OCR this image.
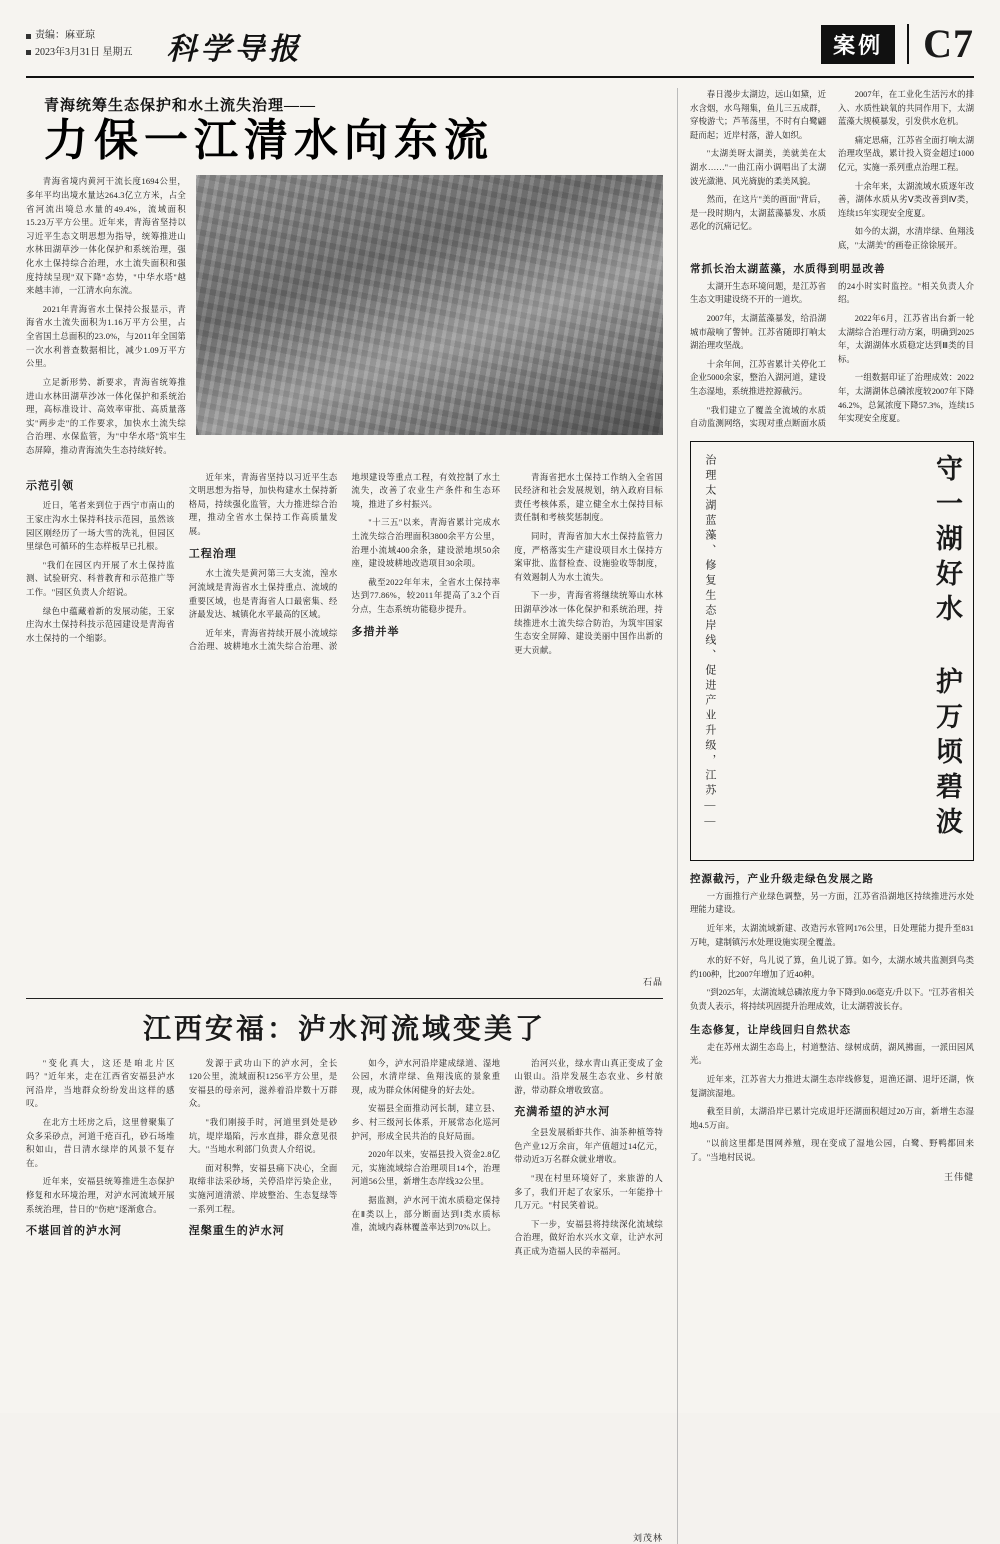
责编：麻亚琼
2023年3月31日 星期五 科学导报	案例	C7
青海统筹生态保护和水土流失治理——
力保一江清水向东流

青海省境内黄河干流长度1694公里，多年平均出境水量达264.3亿立方米，占全省河流出境总水量的49.4%，流域面积15.23万平方公里。近年来，青海省坚持以习近平生态文明思想为指导，统筹推进山水林田湖草沙一体化保护和系统治理，强化水土保持综合治理，水土流失面积和强度持续呈现"双下降"态势，"中华水塔"越来越丰沛，一江清水向东流。

2021年青海省水土保持公报显示，青海省水土流失面积为1.16万平方公里，占全省国土总面积的23.0%，与2011年全国第一次水利普查数据相比，减少1.09万平方公里。

立足新形势、新要求，青海省统筹推进山水林田湖草沙冰一体化保护和系统治理，高标准设计、高效率审批、高质量落实"两步走"的工作要求，加快水土流失综合治理、水保监管，为"中华水塔"筑牢生态屏障，推动青海流失生态持续好转。

示范引领

近日，笔者来到位于西宁市南山的王家庄沟水土保持科技示范园，虽然该园区刚经历了一场大雪的洗礼，但园区里绿色可循环的生态样板早已扎根。

"我们在园区内开展了水土保持监测、试验研究、科普教育和示范推广等工作。"园区负责人介绍说。

绿色中蕴藏着新的发展动能，王家庄沟水土保持科技示范园建设是青海省水土保持的一个缩影。

近年来，青海省坚持以习近平生态文明思想为指导，加快构建水土保持新格局，持续强化监管，大力推进综合治理，推动全省水土保持工作高质量发展。

工程治理

水土流失是黄河第三大支流，湟水河流域是青海省水土保持重点、流域的重要区域，也是青海省人口最密集、经济最发达、城镇化水平最高的区域。

近年来，青海省持续开展小流域综合治理、坡耕地水土流失综合治理、淤地坝建设等重点工程，有效控制了水土流失，改善了农业生产条件和生态环境，推进了乡村振兴。

"十三五"以来，青海省累计完成水土流失综合治理面积3800余平方公里，治理小流域400余条，建设淤地坝50余座，建设坡耕地改造项目30余项。

截至2022年年末，全省水土保持率达到77.86%，较2011年提高了3.2个百分点，生态系统功能稳步提升。

多措并举

青海省把水土保持工作纳入全省国民经济和社会发展规划，纳入政府目标责任考核体系，建立健全水土保持目标责任制和考核奖惩制度。

同时，青海省加大水土保持监管力度，严格落实生产建设项目水土保持方案审批、监督检查、设施验收等制度，有效遏制人为水土流失。

下一步，青海省将继续统筹山水林田湖草沙冰一体化保护和系统治理，持续推进水土流失综合防治，为筑牢国家生态安全屏障、建设美丽中国作出新的更大贡献。

石晶
江西安福：泸水河流域变美了

"变化真大，这还是咱北片区吗？"近年来，走在江西省安福县泸水河沿岸，当地群众纷纷发出这样的感叹。

在北方土坯房之后，这里曾聚集了众多采砂点，河道千疮百孔，砂石场堆积如山，昔日清水绿岸的风景不复存在。

近年来，安福县统筹推进生态保护修复和水环境治理，对泸水河流域开展系统治理，昔日的"伤疤"逐渐愈合。

不堪回首的泸水河

发源于武功山下的泸水河，全长120公里，流域面积1256平方公里，是安福县的母亲河，滋养着沿岸数十万群众。

"我们刚接手时，河道里到处是砂坑，堤岸塌陷，污水直排，群众意见很大。"当地水利部门负责人介绍说。

面对积弊，安福县痛下决心，全面取缔非法采砂场，关停沿岸污染企业，实施河道清淤、岸坡整治、生态复绿等一系列工程。

涅槃重生的泸水河

如今，泸水河沿岸建成绿道、湿地公园，水清岸绿、鱼翔浅底的景象重现，成为群众休闲健身的好去处。

安福县全面推动河长制，建立县、乡、村三级河长体系，开展常态化巡河护河，形成全民共治的良好局面。

2020年以来，安福县投入资金2.8亿元，实施流域综合治理项目14个，治理河道56公里，新增生态岸线32公里。

据监测，泸水河干流水质稳定保持在Ⅱ类以上，部分断面达到Ⅰ类水质标准，流域内森林覆盖率达到70%以上。

治河兴业，绿水青山真正变成了金山银山。沿岸发展生态农业、乡村旅游，带动群众增收致富。

充满希望的泸水河

全县发展稻虾共作、油茶种植等特色产业12万余亩，年产值超过14亿元，带动近3万名群众就业增收。

"现在村里环境好了，来旅游的人多了，我们开起了农家乐，一年能挣十几万元。"村民笑着说。

下一步，安福县将持续深化流域综合治理，做好治水兴水文章，让泸水河真正成为造福人民的幸福河。

刘茂林

春日漫步太湖边，远山如黛，近水含烟，水鸟翔集，鱼儿三五成群，穿梭游弋；芦苇荡里，不时有白鹭翩跹而起；近岸村落，游人如织。

"太湖美呀太湖美，美就美在太湖水……"一曲江南小调唱出了太湖波光潋滟、风光旖旎的柔美风貌。

然而，在这片"美的画面"背后，是一段时期内，太湖蓝藻暴发、水质恶化的沉痛记忆。

2007年，在工业化生活污水的排入、水质性缺氧的共同作用下，太湖蓝藻大规模暴发，引发供水危机。

痛定思痛，江苏省全面打响太湖治理攻坚战，累计投入资金超过1000亿元，实施一系列重点治理工程。

十余年来，太湖流域水质逐年改善，湖体水质从劣Ⅴ类改善到Ⅳ类，连续15年实现安全度夏。

如今的太湖，水清岸绿、鱼翔浅底，"太湖美"的画卷正徐徐展开。

常抓长治太湖蓝藻，水质得到明显改善

太湖开生态环境问题，是江苏省生态文明建设绕不开的一道坎。

2007年，太湖蓝藻暴发，给沿湖城市敲响了警钟。江苏省随即打响太湖治理攻坚战。

十余年间，江苏省累计关停化工企业5000余家，整治入湖河道，建设生态湿地，系统推进控源截污。

"我们建立了覆盖全流域的水质自动监测网络，实现对重点断面水质的24小时实时监控。"相关负责人介绍。

2022年6月，江苏省出台新一轮太湖综合治理行动方案，明确到2025年，太湖湖体水质稳定达到Ⅲ类的目标。

一组数据印证了治理成效：2022年，太湖湖体总磷浓度较2007年下降46.2%，总氮浓度下降57.3%，连续15年实现安全度夏。

治理太湖蓝藻、修复生态岸线、促进产业升级，江苏——	守一湖好水 护万顷碧波
控源截污，产业升级走绿色发展之路

一方面推行产业绿色调整，另一方面，江苏省沿湖地区持续推进污水处理能力建设。

近年来，太湖流域新建、改造污水管网176公里，日处理能力提升至831万吨，建制镇污水处理设施实现全覆盖。

水的好不好，鸟儿说了算，鱼儿说了算。如今，太湖水域共监测到鸟类约100种，比2007年增加了近40种。

"到2025年，太湖流域总磷浓度力争下降到0.06毫克/升以下。"江苏省相关负责人表示，将持续巩固提升治理成效，让太湖碧波长存。

生态修复，让岸线回归自然状态

走在苏州太湖生态岛上，村道整洁、绿树成荫，湖风拂面，一派田园风光。

近年来，江苏省大力推进太湖生态岸线修复，退渔还湖、退圩还湖，恢复湖滨湿地。

截至目前，太湖沿岸已累计完成退圩还湖面积超过20万亩，新增生态湿地4.5万亩。

"以前这里都是围网养殖，现在变成了湿地公园，白鹭、野鸭都回来了。"当地村民说。

王伟健
